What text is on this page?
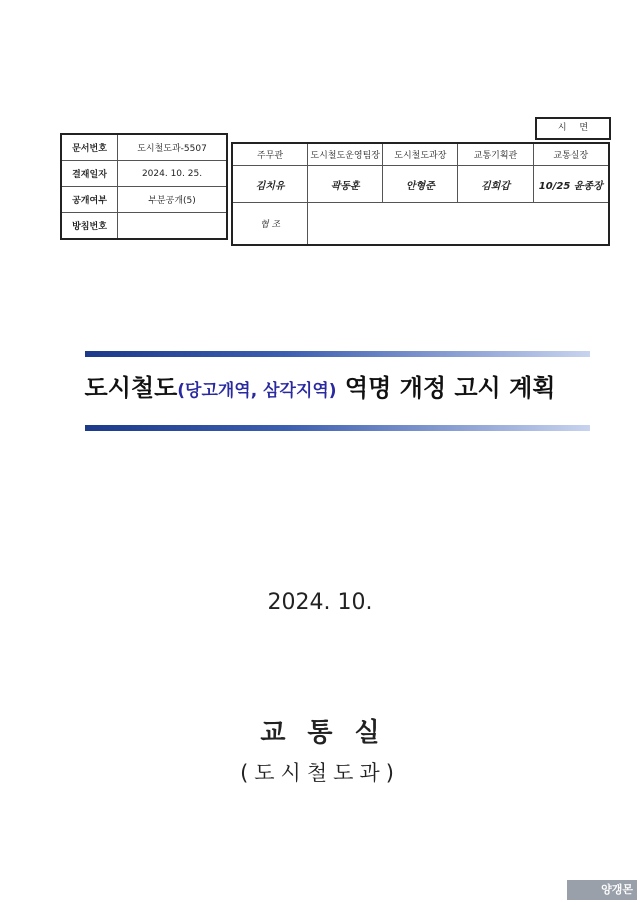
문서번호	도시철도과-5507
결재일자	2024. 10. 25.
공개여부	부분공개(5)
방침번호	
시 면
주무관	도시철도운영팀장	도시철도과장	교통기획관	교통실장
김치유	곽동훈	안형준	김희갑	10/25 윤종장
협 조				
도시철도(당고개역, 삼각지역) 역명 개정 고시 계획
2024. 10.
교통실
(도시철도과)
양갱몬
